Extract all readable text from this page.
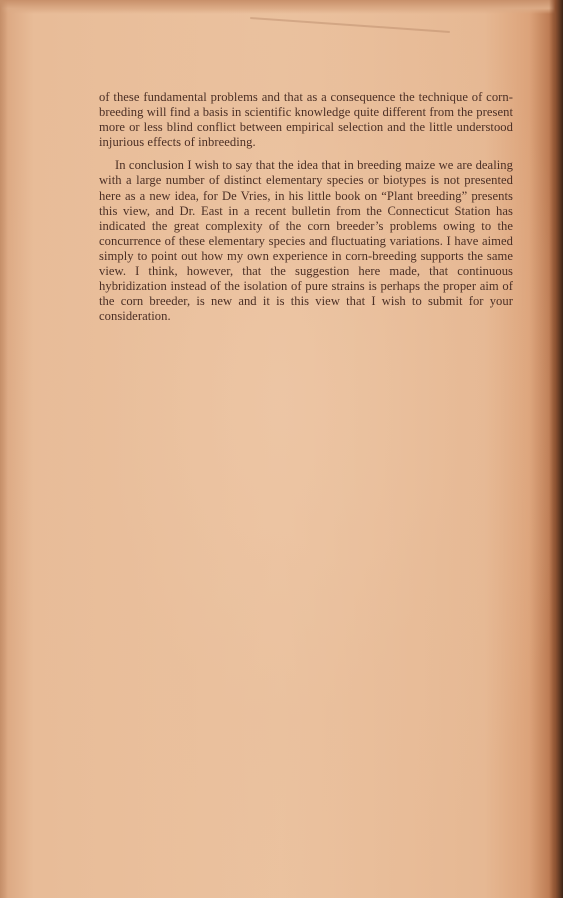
of these fundamental problems and that as a consequence the technique of corn-breeding will find a basis in scientific knowledge quite different from the present more or less blind conflict between empirical selection and the little understood injurious effects of inbreeding.

In conclusion I wish to say that the idea that in breeding maize we are dealing with a large number of distinct elementary species or biotypes is not presented here as a new idea, for De Vries, in his little book on “Plant breeding” presents this view, and Dr. East in a recent bulletin from the Connecticut Station has indicated the great complexity of the corn breeder’s problems owing to the concurrence of these elementary species and fluctuating variations. I have aimed simply to point out how my own experience in corn-breeding supports the same view. I think, however, that the suggestion here made, that continuous hybridization instead of the isolation of pure strains is perhaps the proper aim of the corn breeder, is new and it is this view that I wish to submit for your consideration.
